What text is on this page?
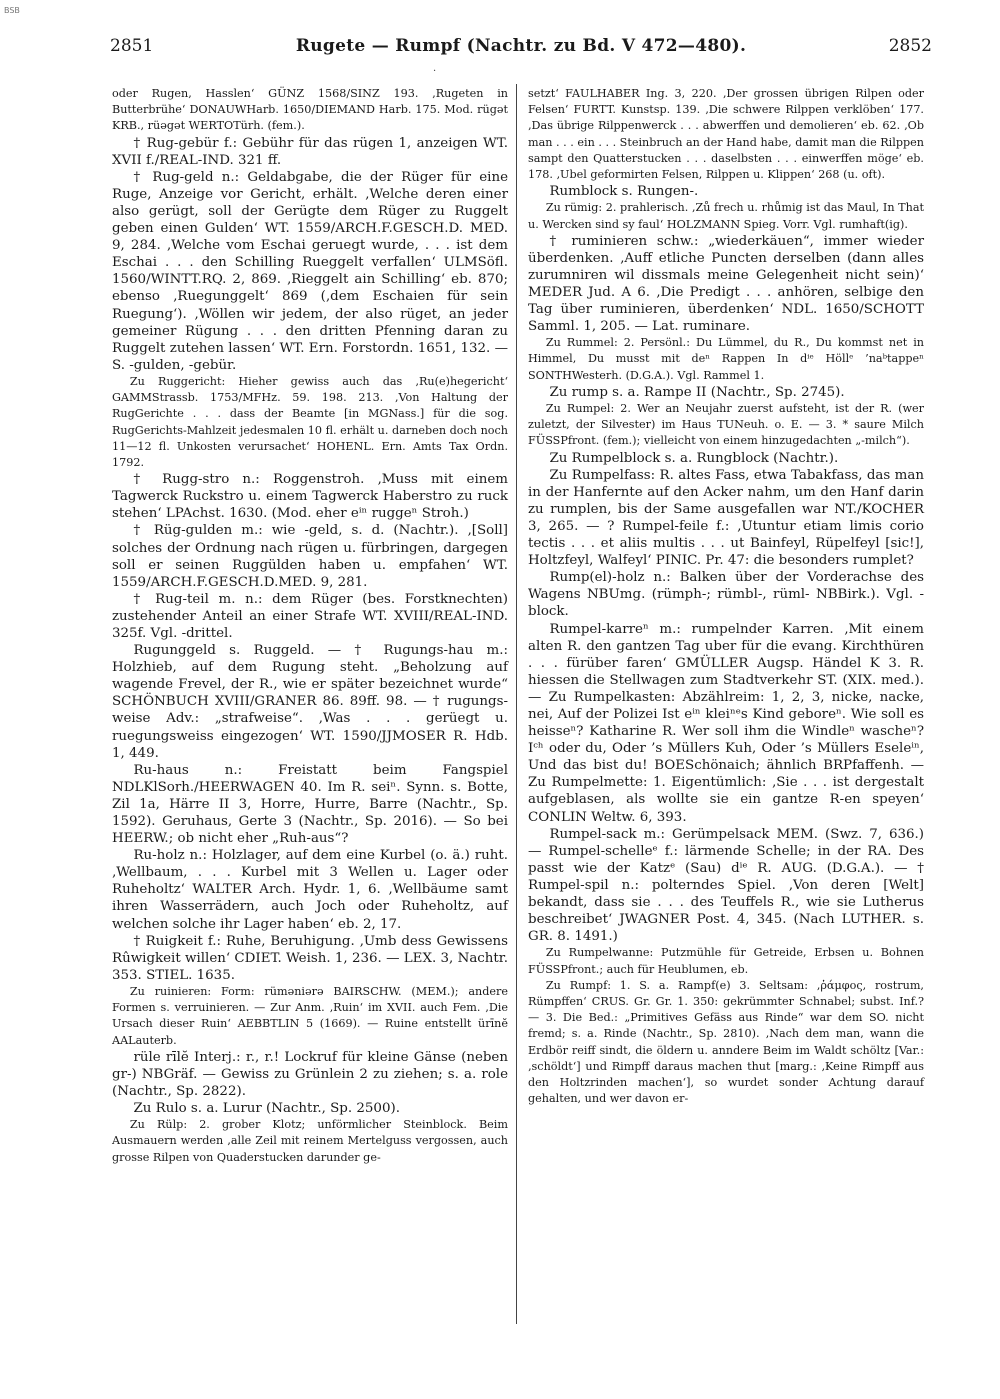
BSB
2851	Rugete — Rumpf (Nachtr. zu Bd. V 472—480).	2852
·

oder Rugen, Hasslen‘ GÜNZ 1568/SINZ 193. ‚Rugeten in Butterbrühe‘ DONAUWHarb. 1650/DIEMAND Harb. 175. Mod. rügət KRB., rüəgət WERTOTürh. (fem.).

† Rug-gebür f.: Gebühr für das rügen 1, anzeigen WT. XVII f./REAL-IND. 321 ff.

† Rug-geld n.: Geldabgabe, die der Rüger für eine Ruge, Anzeige vor Gericht, erhält. ‚Welche deren einer also gerügt, soll der Gerügte dem Rüger zu Ruggelt geben einen Gulden‘ WT. 1559/ARCH.F.GESCH.D. MED. 9, 284. ‚Welche vom Eschai geruegt wurde, . . . ist dem Eschai . . . den Schilling Rueggelt verfallen‘ ULMSöfl. 1560/WINTT.RQ. 2, 869. ‚Rieggelt ain Schilling‘ eb. 870; ebenso ‚Ruegunggelt‘ 869 (‚dem Eschaien für sein Ruegung‘). ‚Wöllen wir jedem, der also rüget, an jeder gemeiner Rügung . . . den dritten Pfenning daran zu Ruggelt zutehen lassen‘ WT. Ern. Forstordn. 1651, 132. — S. -gulden, -gebür.

Zu Ruggericht: Hieher gewiss auch das ‚Ru(e)hegericht‘ GAMMStrassb. 1753/MFHz. 59. 198. 213. ‚Von Haltung der RugGerichte . . . dass der Beamte [in MGNass.] für die sog. RugGerichts-Mahlzeit jedesmalen 10 fl. erhält u. darneben doch noch 11—12 fl. Unkosten verursachet‘ HOHENL. Ern. Amts Tax Ordn. 1792.

† Rugg-stro n.: Roggenstroh. ‚Muss mit einem Tagwerck Ruckstro u. einem Tagwerck Haberstro zu ruck stehen‘ LPAchst. 1630. (Mod. eher eⁱⁿ ruggeⁿ Stroh.)

† Rüg-gulden m.: wie -geld, s. d. (Nachtr.). ‚[Soll] solches der Ordnung nach rügen u. fürbringen, dargegen soll er seinen Ruggülden haben u. empfahen‘ WT. 1559/ARCH.F.GESCH.D.MED. 9, 281.

† Rug-teil m. n.: dem Rüger (bes. Forstknechten) zustehender Anteil an einer Strafe WT. XVIII/REAL-IND. 325f. Vgl. -drittel.

Rugunggeld s. Ruggeld. — † Rugungs-hau m.: Holzhieb, auf dem Rugung steht. „Beholzung auf wagende Frevel, der R., wie er später bezeichnet wurde“ SCHÖNBUCH XVIII/GRANER 86. 89ff. 98. — † rugungs-weise Adv.: „strafweise“. ‚Was . . . gerüegt u. ruegungsweiss eingezogen‘ WT. 1590/JJMOSER R. Hdb. 1, 449.

Ru-haus n.: Freistatt beim Fangspiel NDLKlSorh./HEERWAGEN 40. Im R. seiⁿ. Synn. s. Botte, Zil 1a, Härre II 3, Horre, Hurre, Barre (Nachtr., Sp. 1592). Geruhaus, Gerte 3 (Nachtr., Sp. 2016). — So bei HEERW.; ob nicht eher „Ruh-aus“?

Ru-holz n.: Holzlager, auf dem eine Kurbel (o. ä.) ruht. ‚Wellbaum, . . . Kurbel mit 3 Wellen u. Lager oder Ruheholtz‘ WALTER Arch. Hydr. 1, 6. ‚Wellbäume samt ihren Wasserrädern, auch Joch oder Ruheholtz, auf welchen solche ihr Lager haben‘ eb. 2, 17.

† Ruigkeit f.: Ruhe, Beruhigung. ‚Umb dess Gewissens Rûwigkeit willen‘ CDIET. Weish. 1, 236. — LEX. 3, Nachtr. 353. STIEL. 1635.

Zu ruinieren: Form: rüməniərə BAIRSCHW. (MEM.); andere Formen s. verruinieren. — Zur Anm. ‚Ruin‘ im XVII. auch Fem. ‚Die Ursach dieser Ruin‘ AEBBTLIN 5 (1669). — Ruine entstellt ürīnĕ AALauterb.

rüle rīlĕ Interj.: r., r.! Lockruf für kleine Gänse (neben gr-) NBGräf. — Gewiss zu Grünlein 2 zu ziehen; s. a. role (Nachtr., Sp. 2822).

Zu Rulo s. a. Lurur (Nachtr., Sp. 2500).

Zu Rülp: 2. grober Klotz; unförmlicher Steinblock. Beim Ausmauern werden ‚alle Zeil mit reinem Mertelguss vergossen, auch grosse Rilpen von Quaderstucken darunder ge-

setzt‘ FAULHABER Ing. 3, 220. ‚Der grossen übrigen Rilpen oder Felsen‘ FURTT. Kunstsp. 139. ‚Die schwere Rilppen verklöben‘ 177. ‚Das übrige Rilppenwerck . . . abwerffen und demolieren‘ eb. 62. ‚Ob man . . . ein . . . Steinbruch an der Hand habe, damit man die Rilppen sampt den Quatterstucken . . . daselbsten . . . einwerffen möge‘ eb. 178. ‚Ubel geformirten Felsen, Rilppen u. Klippen‘ 268 (u. oft).

Rumblock s. Rungen-.

Zu rümig: 2. prahlerisch. ‚Zů frech u. rhůmig ist das Maul, In That u. Wercken sind sy faul‘ HOLZMANN Spieg. Vorr. Vgl. rumhaft(ig).

† ruminieren schw.: „wiederkäuen“, immer wieder überdenken. ‚Auff etliche Puncten derselben (dann alles zurumniren wil dissmals meine Gelegenheit nicht sein)‘ MEDER Jud. A 6. ‚Die Predigt . . . anhören, selbige den Tag über ruminieren, überdenken‘ NDL. 1650/SCHOTT Samml. 1, 205. — Lat. ruminare.

Zu Rummel: 2. Persönl.: Du Lümmel, du R., Du kommst net in Himmel, Du musst mit deⁿ Rappen In dⁱᵉ Höllᵉ ’naᵇtappeⁿ SONTHWesterh. (D.G.A.). Vgl. Rammel 1.

Zu rump s. a. Rampe II (Nachtr., Sp. 2745).

Zu Rumpel: 2. Wer an Neujahr zuerst aufsteht, ist der R. (wer zuletzt, der Silvester) im Haus TUNeuh. o. E. — 3. * saure Milch FÜSSPfront. (fem.); vielleicht von einem hinzugedachten „-milch“).

Zu Rumpelblock s. a. Rungblock (Nachtr.).

Zu Rumpelfass: R. altes Fass, etwa Tabakfass, das man in der Hanfernte auf den Acker nahm, um den Hanf darin zu rumplen, bis der Same ausgefallen war NT./KOCHER 3, 265. — ? Rumpel-feile f.: ‚Utuntur etiam limis corio tectis . . . et aliis multis . . . ut Bainfeyl, Rüpelfeyl [sic!], Holtzfeyl, Walfeyl‘ PINIC. Pr. 47: die besonders rumplet?

Rump(el)-holz n.: Balken über der Vorderachse des Wagens NBUmg. (rümph-; rümbl-, rüml- NBBirk.). Vgl. -block.

Rumpel-karreⁿ m.: rumpelnder Karren. ‚Mit einem alten R. den gantzen Tag uber für die evang. Kirchthüren . . . fürüber faren‘ GMÜLLER Augsp. Händel K 3. R. hiessen die Stellwagen zum Stadtverkehr ST. (XIX. med.). — Zu Rumpelkasten: Abzählreim: 1, 2, 3, nicke, nacke, nei, Auf der Polizei Ist eⁱⁿ kleiⁿᵉs Kind geboreⁿ. Wie soll es heisseⁿ? Katharine R. Wer soll ihm die Windleⁿ wascheⁿ? Iᶜʰ oder du, Oder ’s Müllers Kuh, Oder ’s Müllers Eseleⁱⁿ, Und das bist du! BOESchönaich; ähnlich BRPfaffenh. — Zu Rumpelmette: 1. Eigentümlich: ‚Sie . . . ist dergestalt aufgeblasen, als wollte sie ein gantze R-en speyen‘ CONLIN Weltw. 6, 393.

Rumpel-sack m.: Gerümpelsack MEM. (Swz. 7, 636.) — Rumpel-schelleᵉ f.: lärmende Schelle; in der RA. Des passt wie der Katzᵉ (Sau) dⁱᵉ R. AUG. (D.G.A.). — † Rumpel-spil n.: polterndes Spiel. ‚Von deren [Welt] bekandt, dass sie . . . des Teuffels R., wie sie Lutherus beschreibet‘ JWAGNER Post. 4, 345. (Nach LUTHER. s. GR. 8. 1491.)

Zu Rumpelwanne: Putzmühle für Getreide, Erbsen u. Bohnen FÜSSPfront.; auch für Heublumen, eb.

Zu Rumpf: 1. S. a. Rampf(e) 3. Seltsam: ‚ῥάμφος, rostrum, Rümpffen‘ CRUS. Gr. Gr. 1. 350: gekrümmter Schnabel; subst. Inf.? — 3. Die Bed.: „Primitives Gefäss aus Rinde“ war dem SO. nicht fremd; s. a. Rinde (Nachtr., Sp. 2810). ‚Nach dem man, wann die Erdbör reiff sindt, die öldern u. anndere Beim im Waldt schöltz [Var.: ‚schöldt‘] und Rimpff daraus machen thut [marg.: ‚Keine Rimpff aus den Holtzrinden machen‘], so wurdet sonder Achtung darauf gehalten, und wer davon er-
